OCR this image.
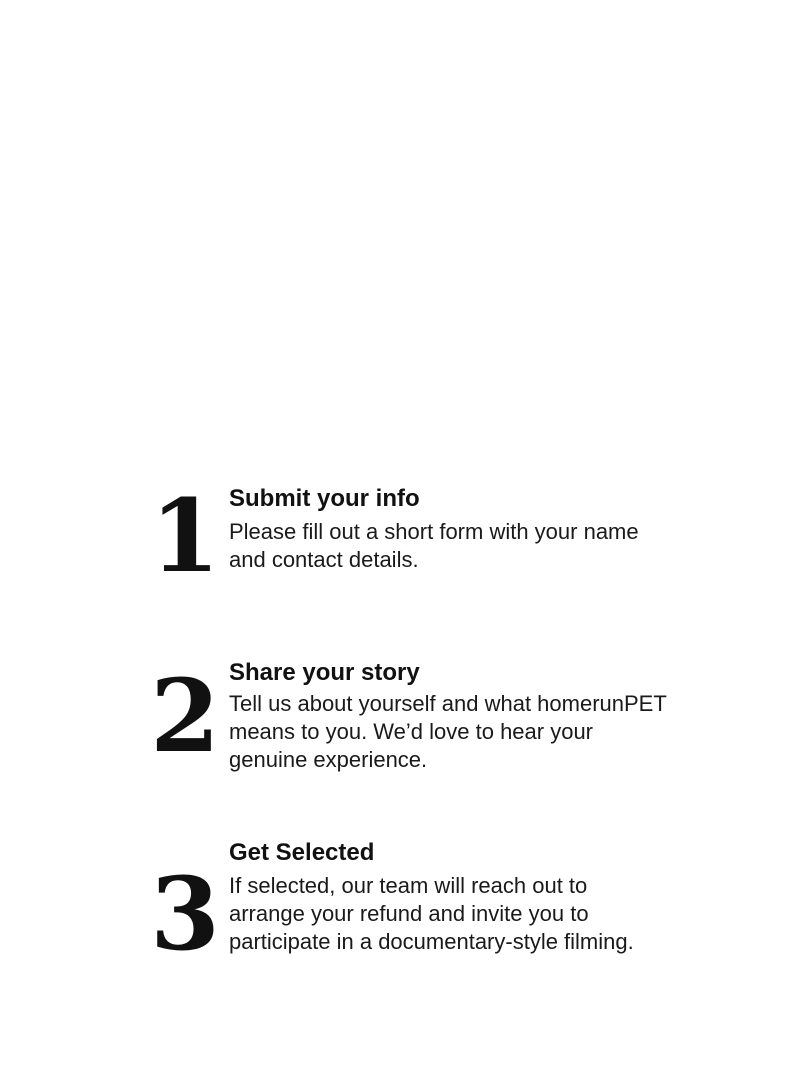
1 Submit your info

Please fill out a short form with your name and contact details.

2 Share your story

Tell us about yourself and what homerunPET means to you. We’d love to hear your genuine experience.

3
Get Selected

If selected, our team will reach out to arrange your refund and invite you to participate in a documentary-style filming.
